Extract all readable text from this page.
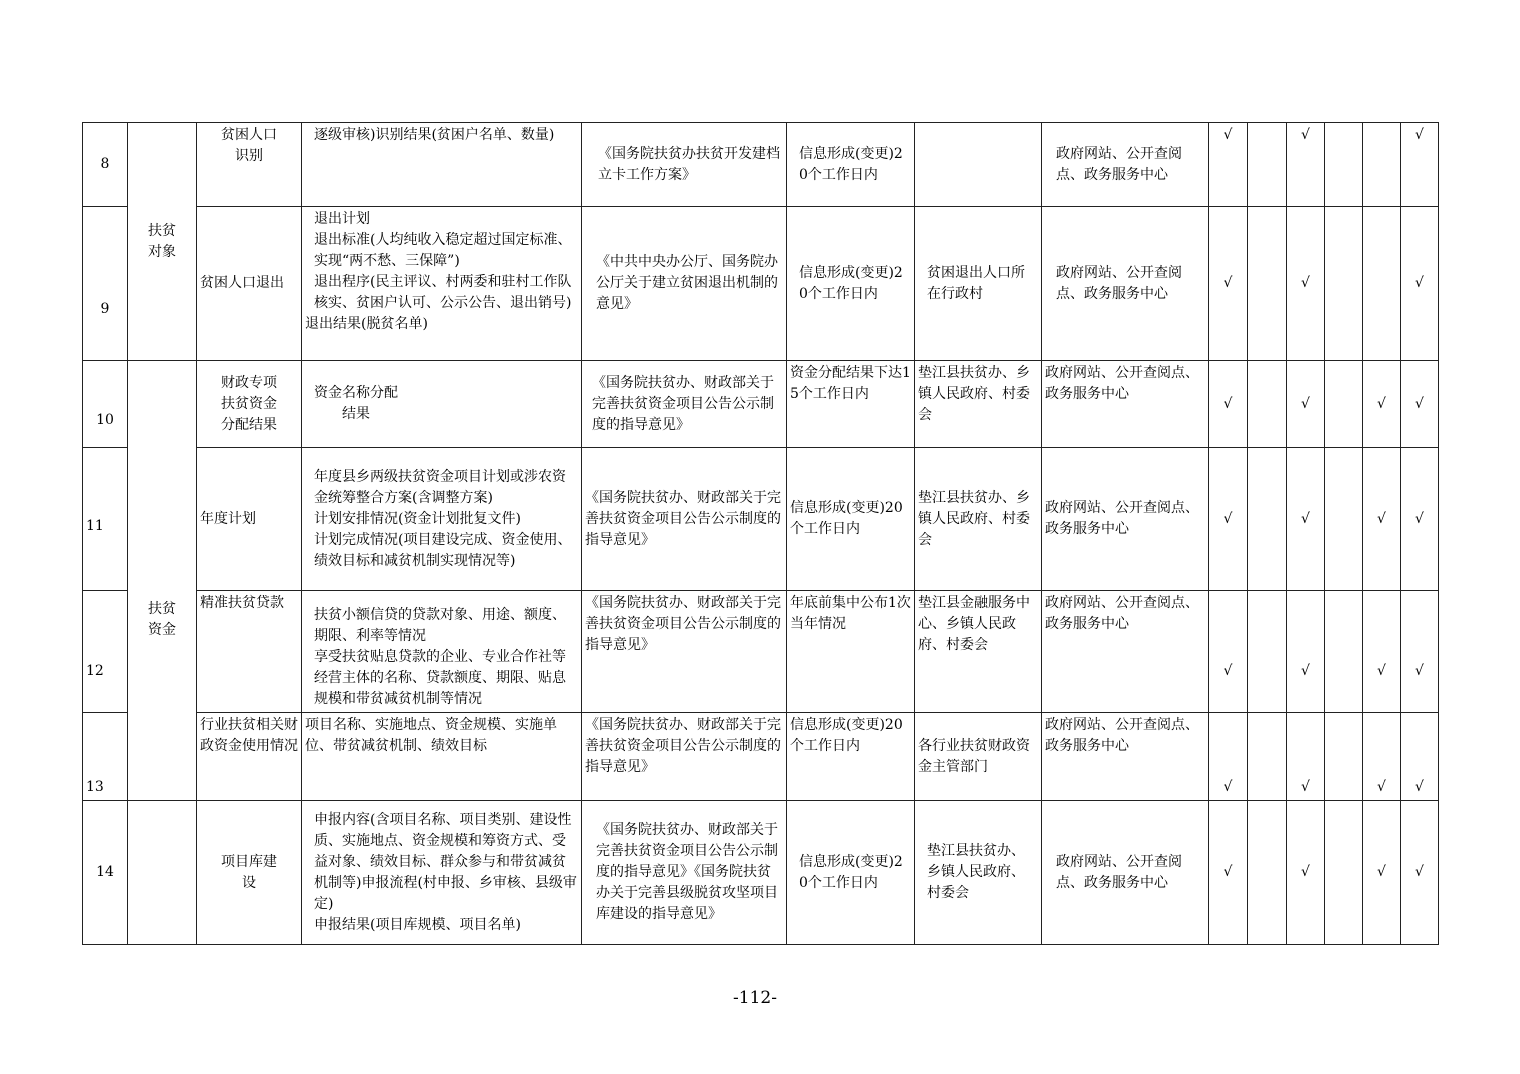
8	扶贫对象	贫困人口识别	逐级审核)识别结果(贫困户名单、数量)	《国务院扶贫办扶贫开发建档立卡工作方案》	信息形成(变更)20个工作日内		政府网站、公开查阅点、政务服务中心	√		√			√
9		贫困人口退出	退出计划
退出标准(人均纯收入稳定超过国定标准、实现“两不愁、三保障”)
退出程序(民主评议、村两委和驻村工作队核实、贫困户认可、公示公告、退出销号)
退出结果(脱贫名单)	《中共中央办公厅、国务院办公厅关于建立贫困退出机制的意见》	信息形成(变更)20个工作日内	贫困退出人口所在行政村	政府网站、公开查阅点、政务服务中心	√		√			√
10	扶贫资金	财政专项扶贫资金分配结果	资金名称分配结果	《国务院扶贫办、财政部关于完善扶贫资金项目公告公示制度的指导意见》	资金分配结果下达15个工作日内	垫江县扶贫办、乡镇人民政府、村委会	政府网站、公开查阅点、政务服务中心	√		√		√	√
11		年度计划	年度县乡两级扶贫资金项目计划或涉农资金统筹整合方案(含调整方案)
计划安排情况(资金计划批复文件)
计划完成情况(项目建设完成、资金使用、绩效目标和减贫机制实现情况等)	《国务院扶贫办、财政部关于完善扶贫资金项目公告公示制度的指导意见》	信息形成(变更)20个工作日内	垫江县扶贫办、乡镇人民政府、村委会	政府网站、公开查阅点、政务服务中心	√		√		√	√
12		精准扶贫贷款	扶贫小额信贷的贷款对象、用途、额度、期限、利率等情况
享受扶贫贴息贷款的企业、专业合作社等经营主体的名称、贷款额度、期限、贴息规模和带贫减贫机制等情况	《国务院扶贫办、财政部关于完善扶贫资金项目公告公示制度的指导意见》	年底前集中公布1次当年情况	垫江县金融服务中心、乡镇人民政府、村委会	政府网站、公开查阅点、政务服务中心	√		√		√	√
13		行业扶贫相关财政资金使用情况	项目名称、实施地点、资金规模、实施单位、带贫减贫机制、绩效目标	《国务院扶贫办、财政部关于完善扶贫资金项目公告公示制度的指导意见》	信息形成(变更)20个工作日内	各行业扶贫财政资金主管部门	政府网站、公开查阅点、政务服务中心	√		√		√	√
14		项目库建设	申报内容(含项目名称、项目类别、建设性质、实施地点、资金规模和筹资方式、受益对象、绩效目标、群众参与和带贫减贫机制等)申报流程(村申报、乡审核、县级审定)
申报结果(项目库规模、项目名单)	《国务院扶贫办、财政部关于完善扶贫资金项目公告公示制度的指导意见》《国务院扶贫办关于完善县级脱贫攻坚项目库建设的指导意见》	信息形成(变更)20个工作日内	垫江县扶贫办、乡镇人民政府、村委会	政府网站、公开查阅点、政务服务中心	√		√		√	√
-112-
